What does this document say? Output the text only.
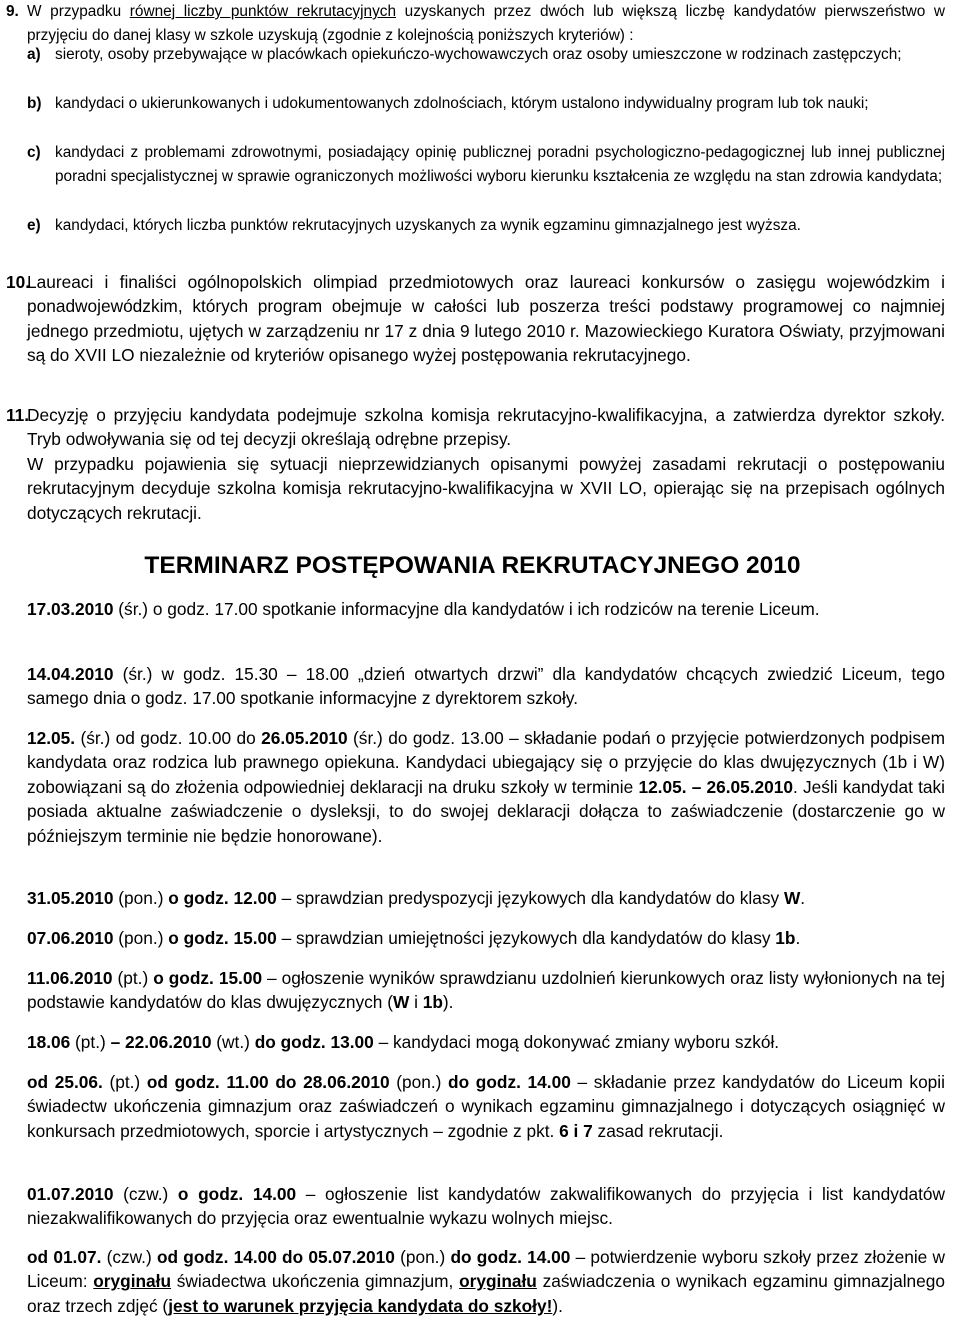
9. W przypadku równej liczby punktów rekrutacyjnych uzyskanych przez dwóch lub większą liczbę kandydatów pierwszeństwo w przyjęciu do danej klasy w szkole uzyskują (zgodnie z kolejnością poniższych kryteriów) :
a) sieroty, osoby przebywające w placówkach opiekuńczo-wychowawczych oraz osoby umieszczone w rodzinach zastępczych;
b) kandydaci o ukierunkowanych i udokumentowanych zdolnościach, którym ustalono indywidualny program lub tok nauki;
c) kandydaci z problemami zdrowotnymi, posiadający opinię publicznej poradni psychologiczno-pedagogicznej lub innej publicznej poradni specjalistycznej w sprawie ograniczonych możliwości wyboru kierunku kształcenia ze względu na stan zdrowia kandydata;
e) kandydaci, których liczba punktów rekrutacyjnych uzyskanych za wynik egzaminu gimnazjalnego jest wyższa.
10.
Laureaci i finaliści ogólnopolskich olimpiad przedmiotowych oraz laureaci konkursów o zasięgu wojewódzkim i ponadwojewódzkim, których program obejmuje w całości lub poszerza treści podstawy programowej co najmniej jednego przedmiotu, ujętych w zarządzeniu nr 17 z dnia 9 lutego 2010 r. Mazowieckiego Kuratora Oświaty, przyjmowani są do XVII LO niezależnie od kryteriów opisanego wyżej postępowania rekrutacyjnego.
11.
Decyzję o przyjęciu kandydata podejmuje szkolna komisja rekrutacyjno-kwalifikacyjna, a zatwierdza dyrektor szkoły. Tryb odwoływania się od tej decyzji określają odrębne przepisy.
W przypadku pojawienia się sytuacji nieprzewidzianych opisanymi powyżej zasadami rekrutacji o postępowaniu rekrutacyjnym decyduje szkolna komisja rekrutacyjno-kwalifikacyjna w XVII LO, opierając się na przepisach ogólnych dotyczących rekrutacji.
TERMINARZ POSTĘPOWANIA REKRUTACYJNEGO 2010
17.03.2010 (śr.) o godz. 17.00 spotkanie informacyjne dla kandydatów i ich rodziców na terenie Liceum.
14.04.2010 (śr.) w godz. 15.30 – 18.00 „dzień otwartych drzwi” dla kandydatów chcących zwiedzić Liceum, tego samego dnia o godz. 17.00 spotkanie informacyjne z dyrektorem szkoły.
12.05. (śr.) od godz. 10.00 do 26.05.2010 (śr.) do godz. 13.00 – składanie podań o przyjęcie potwierdzonych podpisem kandydata oraz rodzica lub prawnego opiekuna. Kandydaci ubiegający się o przyjęcie do klas dwujęzycznych (1b i W) zobowiązani są do złożenia odpowiedniej deklaracji na druku szkoły w terminie 12.05. – 26.05.2010. Jeśli kandydat taki posiada aktualne zaświadczenie o dysleksji, to do swojej deklaracji dołącza to zaświadczenie (dostarczenie go w późniejszym terminie nie będzie honorowane).
31.05.2010 (pon.) o godz. 12.00 – sprawdzian predyspozycji językowych dla kandydatów do klasy W.
07.06.2010 (pon.) o godz. 15.00 – sprawdzian umiejętności językowych dla kandydatów do klasy 1b.
11.06.2010 (pt.) o godz. 15.00 – ogłoszenie wyników sprawdzianu uzdolnień kierunkowych oraz listy wyłonionych na tej podstawie kandydatów do klas dwujęzycznych (W i 1b).
18.06 (pt.) – 22.06.2010 (wt.) do godz. 13.00 – kandydaci mogą dokonywać zmiany wyboru szkół.
od 25.06. (pt.) od godz. 11.00 do 28.06.2010 (pon.) do godz. 14.00 – składanie przez kandydatów do Liceum kopii świadectw ukończenia gimnazjum oraz zaświadczeń o wynikach egzaminu gimnazjalnego i dotyczących osiągnięć w konkursach przedmiotowych, sporcie i artystycznych – zgodnie z pkt. 6 i 7 zasad rekrutacji.
01.07.2010 (czw.) o godz. 14.00 – ogłoszenie list kandydatów zakwalifikowanych do przyjęcia i list kandydatów niezakwalifikowanych do przyjęcia oraz ewentualnie wykazu wolnych miejsc.
od 01.07. (czw.) od godz. 14.00 do 05.07.2010 (pon.) do godz. 14.00 – potwierdzenie wyboru szkoły przez złożenie w Liceum: oryginału świadectwa ukończenia gimnazjum, oryginału zaświadczenia o wynikach egzaminu gimnazjalnego oraz trzech zdjęć (jest to warunek przyjęcia kandydata do szkoły!).
